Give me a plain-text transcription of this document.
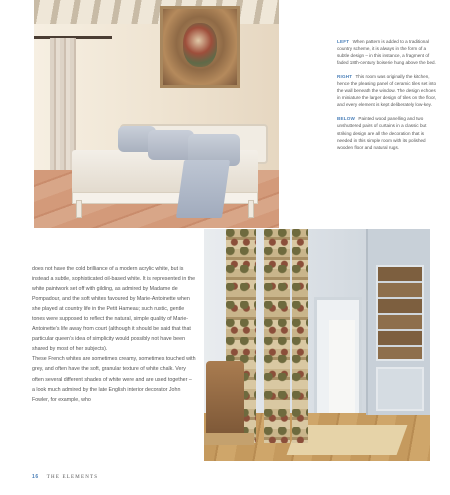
LEFT When pattern is added to a traditional country scheme, it is always in the form of a subtle design – in this instance, a fragment of faded 18th-century boiserie hung above the bed.

RIGHT This room was originally the kitchen, hence the pleasing panel of ceramic tiles set into the wall beneath the window. The design echoes in miniature the larger design of tiles on the floor, and every element is kept deliberately low-key.

BELOW Painted wood panelling and two unshuttered pairs of curtains in a classic but striking design are all the decoration that is needed in this simple room with its polished wooden floor and natural rugs.

does not have the cold brilliance of a modern acrylic white, but is instead a subtle, sophisticated oil-based white. It is represented in the white paintwork set off with gilding, as admired by Madame de Pompadour, and the soft whites favoured by Marie-Antoinette when she played at country life in the Petit Hameau; such rustic, gentle tones were supposed to reflect the natural, simple quality of Marie-Antoinette’s life away from court (although it should be said that that particular queen’s idea of simplicity would possibly not have been shared by most of her subjects).

These French whites are sometimes creamy, sometimes touched with grey, and often have the soft, granular texture of white chalk. Very often several different shades of white were and are used together – a look much admired by the late English interior decorator John Fowler, for example, who

16 THE ELEMENTS
